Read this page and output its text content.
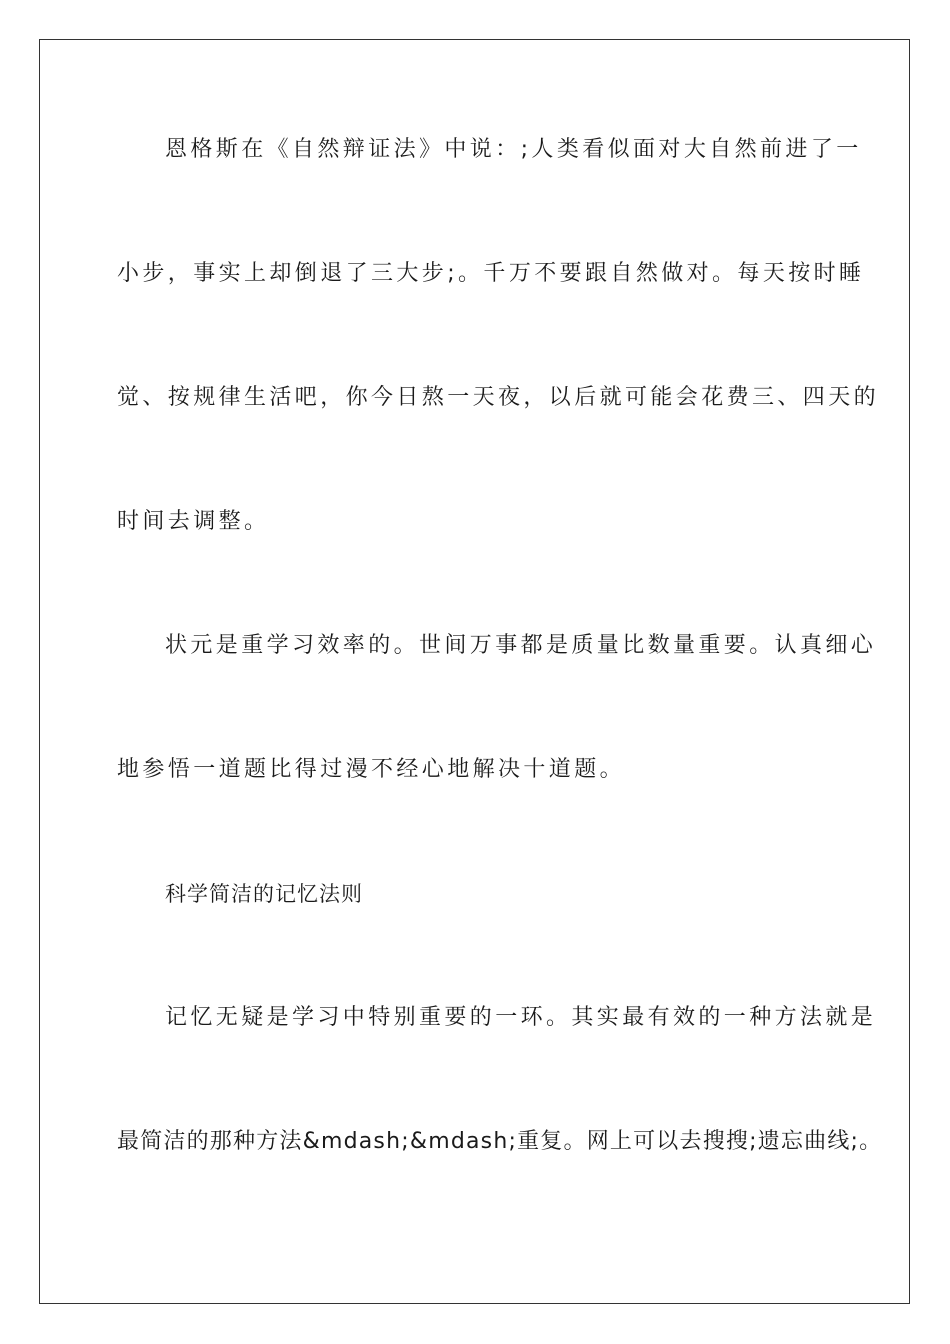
恩格斯在《自然辩证法》中说：;人类看似面对大自然前进了一
小步，事实上却倒退了三大步;。千万不要跟自然做对。每天按时睡
觉、按规律生活吧，你今日熬一天夜，以后就可能会花费三、四天的
时间去调整。
状元是重学习效率的。世间万事都是质量比数量重要。认真细心
地参悟一道题比得过漫不经心地解决十道题。
科学简洁的记忆法则
记忆无疑是学习中特别重要的一环。其实最有效的一种方法就是
最简洁的那种方法&mdash;&mdash;重复。网上可以去搜搜;遗忘曲线;。
